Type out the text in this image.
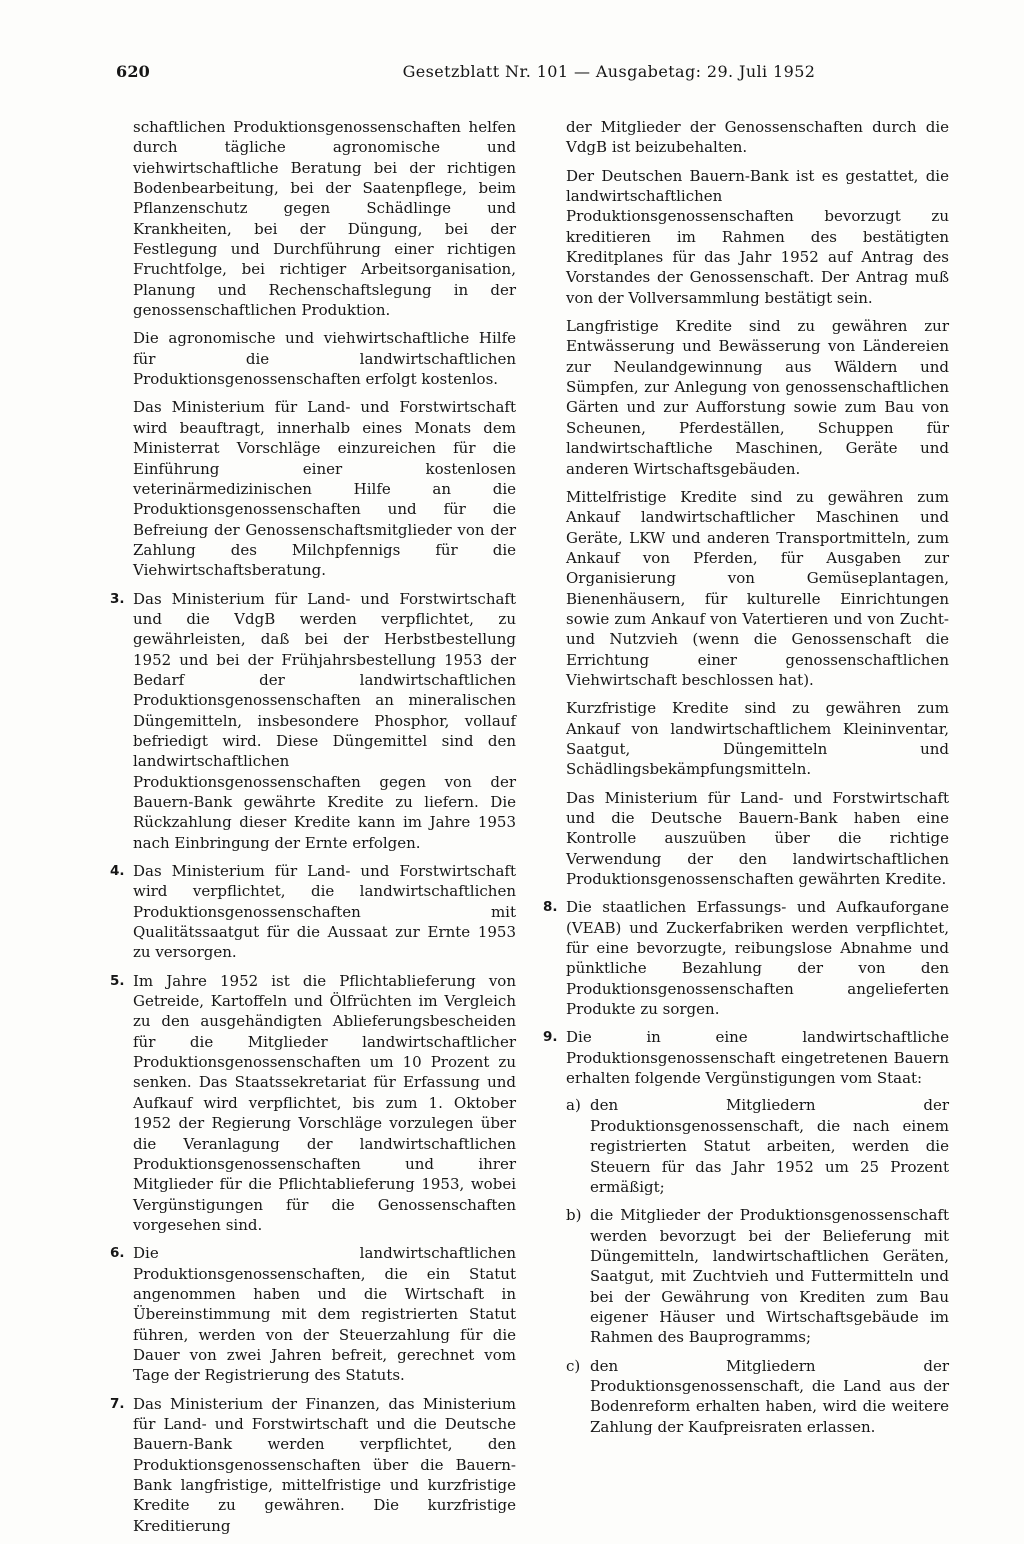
620	Gesetzblatt Nr. 101 — Ausgabetag: 29. Juli 1952

schaftlichen Produktionsgenossenschaften helfen durch tägliche agronomische und viehwirtschaftliche Beratung bei der richtigen Bodenbearbeitung, bei der Saatenpflege, beim Pflanzenschutz gegen Schädlinge und Krankheiten, bei der Düngung, bei der Festlegung und Durchführung einer richtigen Fruchtfolge, bei richtiger Arbeitsorganisation, Planung und Rechenschaftslegung in der genossenschaftlichen Produktion.

Die agronomische und viehwirtschaftliche Hilfe für die landwirtschaftlichen Produktionsgenossenschaften erfolgt kostenlos.

Das Ministerium für Land- und Forstwirtschaft wird beauftragt, innerhalb eines Monats dem Ministerrat Vorschläge einzureichen für die Einführung einer kostenlosen veterinärmedizinischen Hilfe an die Produktionsgenossenschaften und für die Befreiung der Genossenschaftsmitglieder von der Zahlung des Milchpfennigs für die Viehwirtschaftsberatung.

3. Das Ministerium für Land- und Forstwirtschaft und die VdgB werden verpflichtet, zu gewährleisten, daß bei der Herbstbestellung 1952 und bei der Frühjahrsbestellung 1953 der Bedarf der landwirtschaftlichen Produktionsgenossenschaften an mineralischen Düngemitteln, insbesondere Phosphor, vollauf befriedigt wird. Diese Düngemittel sind den landwirtschaftlichen Produktionsgenossenschaften gegen von der Bauern-Bank gewährte Kredite zu liefern. Die Rückzahlung dieser Kredite kann im Jahre 1953 nach Einbringung der Ernte erfolgen.

4. Das Ministerium für Land- und Forstwirtschaft wird verpflichtet, die landwirtschaftlichen Produktionsgenossenschaften mit Qualitätssaatgut für die Aussaat zur Ernte 1953 zu versorgen.

5. Im Jahre 1952 ist die Pflichtablieferung von Getreide, Kartoffeln und Ölfrüchten im Vergleich zu den ausgehändigten Ablieferungsbescheiden für die Mitglieder landwirtschaftlicher Produktionsgenossenschaften um 10 Prozent zu senken. Das Staatssekretariat für Erfassung und Aufkauf wird verpflichtet, bis zum 1. Oktober 1952 der Regierung Vorschläge vorzulegen über die Veranlagung der landwirtschaftlichen Produktionsgenossenschaften und ihrer Mitglieder für die Pflichtablieferung 1953, wobei Vergünstigungen für die Genossenschaften vorgesehen sind.

6. Die landwirtschaftlichen Produktionsgenossenschaften, die ein Statut angenommen haben und die Wirtschaft in Übereinstimmung mit dem registrierten Statut führen, werden von der Steuerzahlung für die Dauer von zwei Jahren befreit, gerechnet vom Tage der Registrierung des Statuts.

7. Das Ministerium der Finanzen, das Ministerium für Land- und Forstwirtschaft und die Deutsche Bauern-Bank werden verpflichtet, den Produktionsgenossenschaften über die Bauern-Bank langfristige, mittelfristige und kurzfristige Kredite zu gewähren. Die kurzfristige Kreditierung

der Mitglieder der Genossenschaften durch die VdgB ist beizubehalten.

Der Deutschen Bauern-Bank ist es gestattet, die landwirtschaftlichen Produktionsgenossenschaften bevorzugt zu kreditieren im Rahmen des bestätigten Kreditplanes für das Jahr 1952 auf Antrag des Vorstandes der Genossenschaft. Der Antrag muß von der Vollversammlung bestätigt sein.

Langfristige Kredite sind zu gewähren zur Entwässerung und Bewässerung von Ländereien zur Neulandgewinnung aus Wäldern und Sümpfen, zur Anlegung von genossenschaftlichen Gärten und zur Aufforstung sowie zum Bau von Scheunen, Pferdeställen, Schuppen für landwirtschaftliche Maschinen, Geräte und anderen Wirtschaftsgebäuden.

Mittelfristige Kredite sind zu gewähren zum Ankauf landwirtschaftlicher Maschinen und Geräte, LKW und anderen Transportmitteln, zum Ankauf von Pferden, für Ausgaben zur Organisierung von Gemüseplantagen, Bienenhäusern, für kulturelle Einrichtungen sowie zum Ankauf von Vatertieren und von Zucht- und Nutzvieh (wenn die Genossenschaft die Errichtung einer genossenschaftlichen Viehwirtschaft beschlossen hat).

Kurzfristige Kredite sind zu gewähren zum Ankauf von landwirtschaftlichem Kleininventar, Saatgut, Düngemitteln und Schädlingsbekämpfungsmitteln.

Das Ministerium für Land- und Forstwirtschaft und die Deutsche Bauern-Bank haben eine Kontrolle auszuüben über die richtige Verwendung der den landwirtschaftlichen Produktionsgenossenschaften gewährten Kredite.

8. Die staatlichen Erfassungs- und Aufkauforgane (VEAB) und Zuckerfabriken werden verpflichtet, für eine bevorzugte, reibungslose Abnahme und pünktliche Bezahlung der von den Produktionsgenossenschaften angelieferten Produkte zu sorgen.

9. Die in eine landwirtschaftliche Produktionsgenossenschaft eingetretenen Bauern erhalten folgende Vergünstigungen vom Staat:

a) den Mitgliedern der Produktionsgenossenschaft, die nach einem registrierten Statut arbeiten, werden die Steuern für das Jahr 1952 um 25 Prozent ermäßigt;
b) die Mitglieder der Produktionsgenossenschaft werden bevorzugt bei der Belieferung mit Düngemitteln, landwirtschaftlichen Geräten, Saatgut, mit Zuchtvieh und Futtermitteln und bei der Gewährung von Krediten zum Bau eigener Häuser und Wirtschaftsgebäude im Rahmen des Bauprogramms;
c) den Mitgliedern der Produktionsgenossenschaft, die Land aus der Bodenreform erhalten haben, wird die weitere Zahlung der Kaufpreisraten erlassen.
